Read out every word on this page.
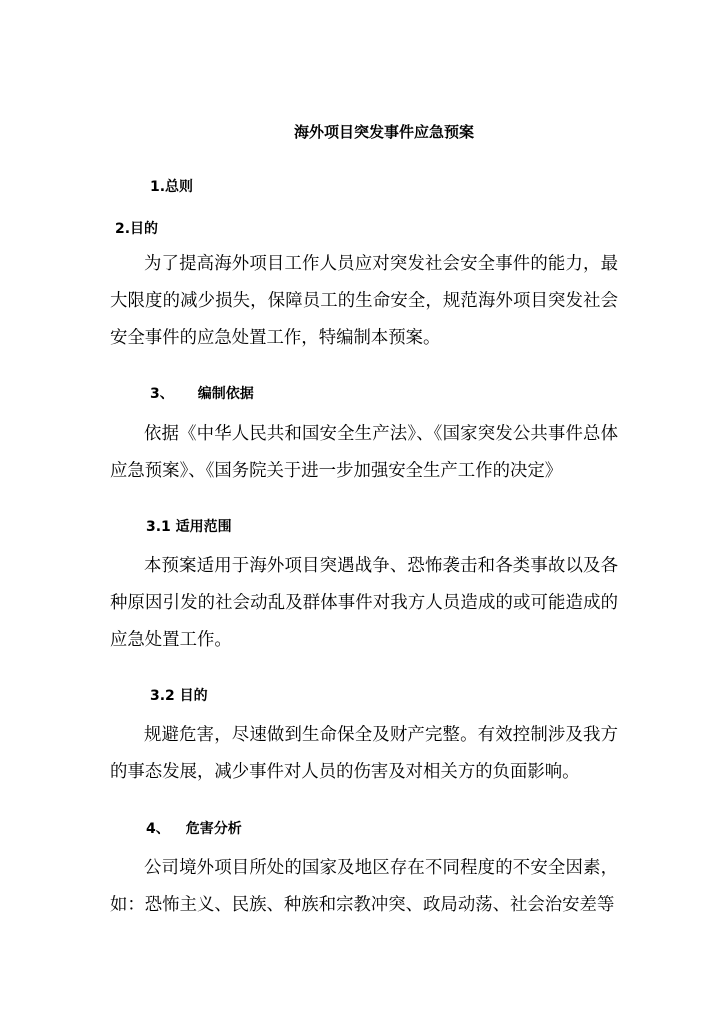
海外项目突发事件应急预案
1.总则
2.目的
为了提高海外项目工作人员应对突发社会安全事件的能力，最大限度的减少损失，保障员工的生命安全，规范海外项目突发社会安全事件的应急处置工作，特编制本预案。
3、 编制依据
依据《中华人民共和国安全生产法》、《国家突发公共事件总体应急预案》、《国务院关于进一步加强安全生产工作的决定》
3.1 适用范围
本预案适用于海外项目突遇战争、恐怖袭击和各类事故以及各种原因引发的社会动乱及群体事件对我方人员造成的或可能造成的应急处置工作。
3.2 目的
规避危害，尽速做到生命保全及财产完整。有效控制涉及我方的事态发展，减少事件对人员的伤害及对相关方的负面影响。
4、 危害分析
公司境外项目所处的国家及地区存在不同程度的不安全因素，如：恐怖主义、民族、种族和宗教冲突、政局动荡、社会治安差等
